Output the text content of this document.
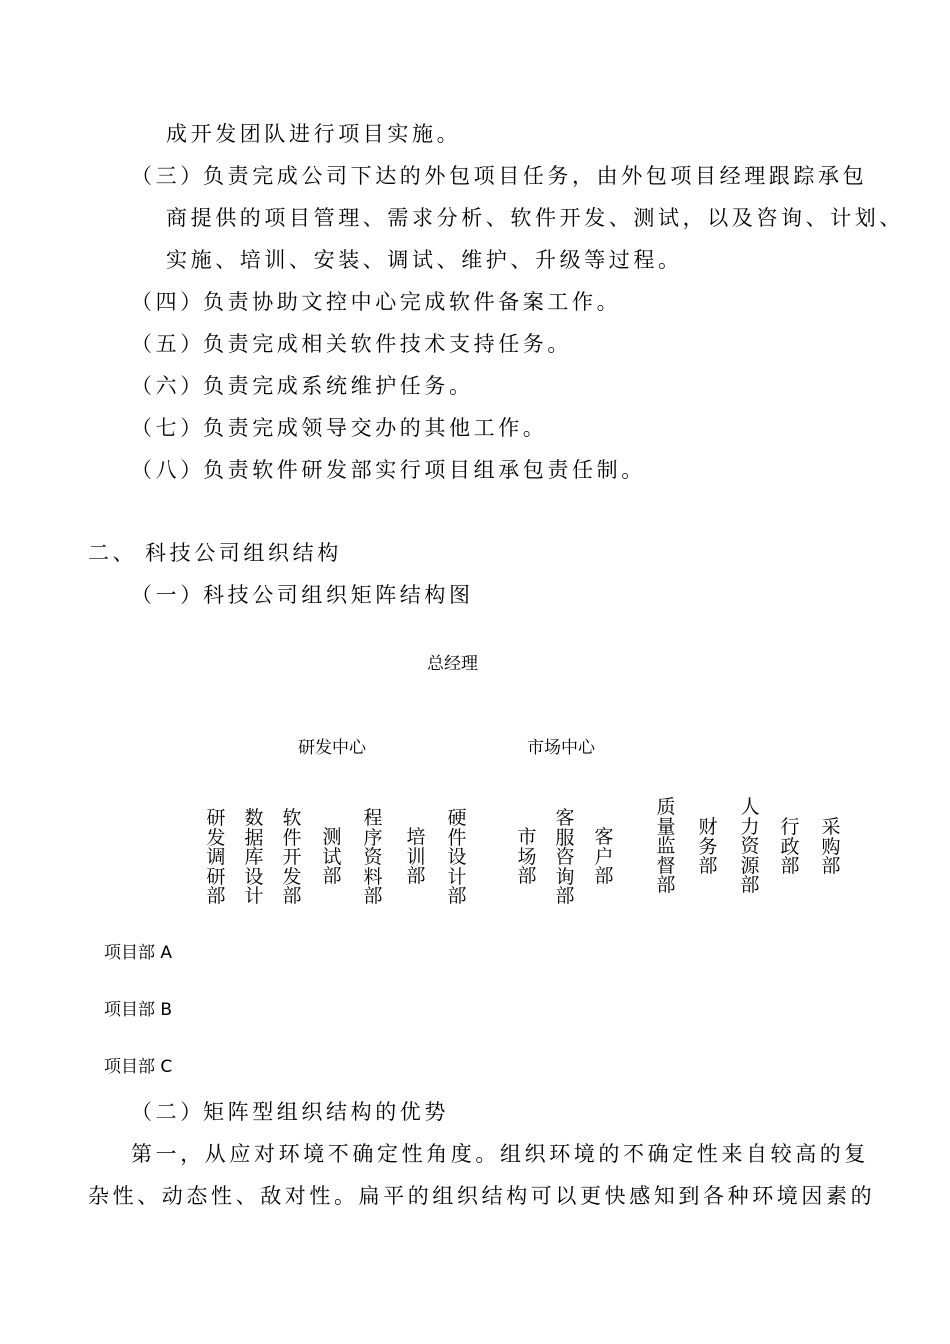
成开发团队进行项目实施。
（三）
负责完成公司下达的外包项目任务，由外包项目经理跟踪承包
商提供的项目管理、需求分析、软件开发、测试，以及咨询、计划、
实施、培训、安装、调试、维护、升级等过程。
（四）
负责协助文控中心完成软件备案工作。
（五）
负责完成相关软件技术支持任务。
（六）
负责完成系统维护任务。
（七）
负责完成领导交办的其他工作。
（八）
负责软件研发部实行项目组承包责任制。
二、 科技公司组织结构
（一）
科技公司组织矩阵结构图
总经理
研发中心	市场中心
研发调研部
数据库设计
软件开发部
测试部
程序资料部
培训部
硬件设计部
市场部
客服咨询部
客户部
质量监督部
财务部
人力资源部
行政部
采购部
项目部 A
项目部 B
项目部 C
（二）
矩阵型组织结构的优势
第一，从应对环境不确定性角度。组织环境的不确定性来自较高的复
杂性、动态性、敌对性。扁平的组织结构可以更快感知到各种环境因素的
